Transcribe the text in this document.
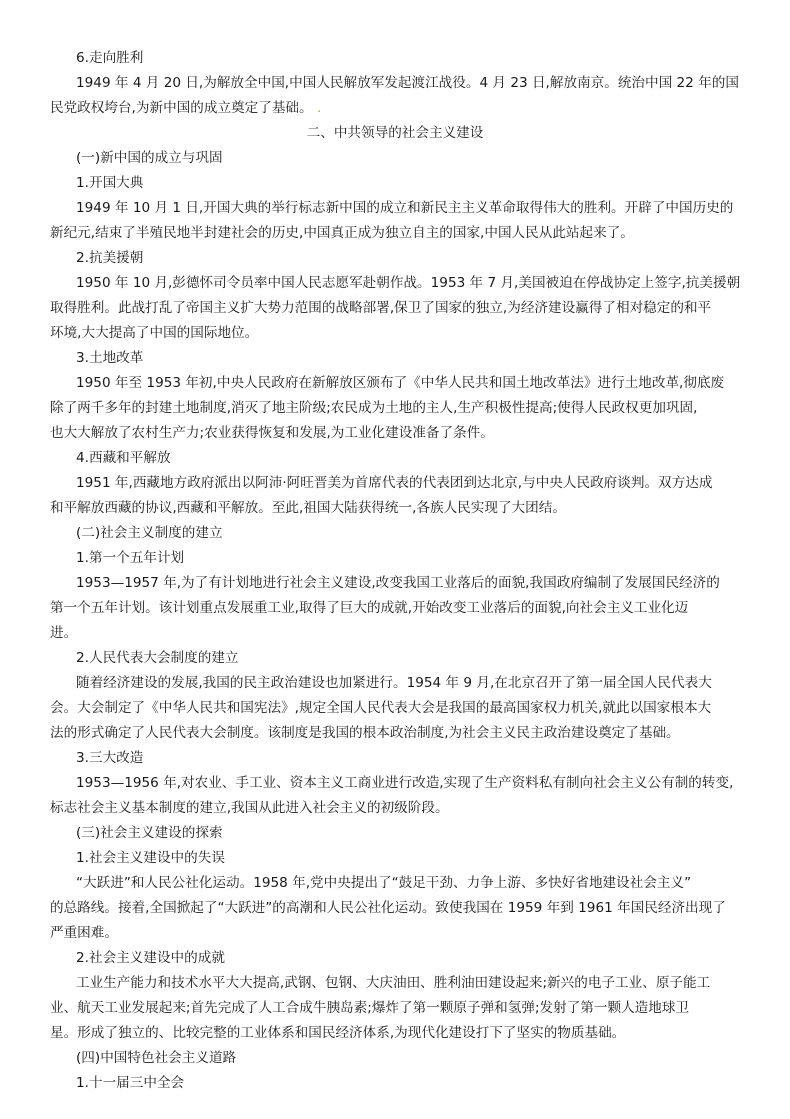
6.走向胜利
1949 年 4 月 20 日,为解放全中国,中国人民解放军发起渡江战役。4 月 23 日,解放南京。统治中国 22 年的国
民党政权垮台,为新中国的成立奠定了基础。 .
二、中共领导的社会主义建设
(一)新中国的成立与巩固
1.开国大典
1949 年 10 月 1 日,开国大典的举行标志新中国的成立和新民主主义革命取得伟大的胜利。开辟了中国历史的
新纪元,结束了半殖民地半封建社会的历史,中国真正成为独立自主的国家,中国人民从此站起来了。
2.抗美援朝
1950 年 10 月,彭德怀司令员率中国人民志愿军赴朝作战。1953 年 7 月,美国被迫在停战协定上签字,抗美援朝
取得胜利。此战打乱了帝国主义扩大势力范围的战略部署,保卫了国家的独立,为经济建设赢得了相对稳定的和平
环境,大大提高了中国的国际地位。
3.土地改革
1950 年至 1953 年初,中央人民政府在新解放区颁布了《中华人民共和国土地改革法》进行土地改革,彻底废
除了两千多年的封建土地制度,消灭了地主阶级;农民成为土地的主人,生产积极性提高;使得人民政权更加巩固,
也大大解放了农村生产力;农业获得恢复和发展,为工业化建设准备了条件。
4.西藏和平解放
1951 年,西藏地方政府派出以阿沛·阿旺晋美为首席代表的代表团到达北京,与中央人民政府谈判。双方达成
和平解放西藏的协议,西藏和平解放。至此,祖国大陆获得统一,各族人民实现了大团结。
(二)社会主义制度的建立
1.第一个五年计划
1953—1957 年,为了有计划地进行社会主义建设,改变我国工业落后的面貌,我国政府编制了发展国民经济的
第一个五年计划。该计划重点发展重工业,取得了巨大的成就,开始改变工业落后的面貌,向社会主义工业化迈
进。
2.人民代表大会制度的建立
随着经济建设的发展,我国的民主政治建设也加紧进行。1954 年 9 月,在北京召开了第一届全国人民代表大
会。大会制定了《中华人民共和国宪法》,规定全国人民代表大会是我国的最高国家权力机关,就此以国家根本大
法的形式确定了人民代表大会制度。该制度是我国的根本政治制度,为社会主义民主政治建设奠定了基础。
3.三大改造
1953—1956 年,对农业、手工业、资本主义工商业进行改造,实现了生产资料私有制向社会主义公有制的转变,
标志社会主义基本制度的建立,我国从此进入社会主义的初级阶段。
(三)社会主义建设的探索
1.社会主义建设中的失误
“大跃进”和人民公社化运动。1958 年,党中央提出了“鼓足干劲、力争上游、多快好省地建设社会主义”
的总路线。接着,全国掀起了“大跃进”的高潮和人民公社化运动。致使我国在 1959 年到 1961 年国民经济出现了
严重困难。
2.社会主义建设中的成就
工业生产能力和技术水平大大提高,武钢、包钢、大庆油田、胜利油田建设起来;新兴的电子工业、原子能工
业、航天工业发展起来;首先完成了人工合成牛胰岛素;爆炸了第一颗原子弹和氢弹;发射了第一颗人造地球卫
星。形成了独立的、比较完整的工业体系和国民经济体系,为现代化建设打下了坚实的物质基础。
(四)中国特色社会主义道路
1.十一届三中全会
